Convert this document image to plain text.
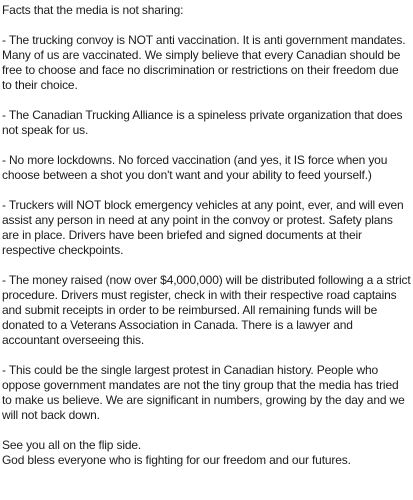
Facts that the media is not sharing:

- The trucking convoy is NOT anti vaccination. It is anti government mandates. Many of us are vaccinated. We simply believe that every Canadian should be free to choose and face no discrimination or restrictions on their freedom due to their choice.

- The Canadian Trucking Alliance is a spineless private organization that does not speak for us.

- No more lockdowns. No forced vaccination (and yes, it IS force when you choose between a shot you don't want and your ability to feed yourself.)

- Truckers will NOT block emergency vehicles at any point, ever, and will even assist any person in need at any point in the convoy or protest. Safety plans are in place. Drivers have been briefed and signed documents at their respective checkpoints.

- The money raised (now over $4,000,000) will be distributed following a a strict procedure. Drivers must register, check in with their respective road captains and submit receipts in order to be reimbursed. All remaining funds will be donated to a Veterans Association in Canada. There is a lawyer and accountant overseeing this.

- This could be the single largest protest in Canadian history. People who oppose government mandates are not the tiny group that the media has tried to make us believe. We are significant in numbers, growing by the day and we will not back down.

See you all on the flip side.
God bless everyone who is fighting for our freedom and our futures.
